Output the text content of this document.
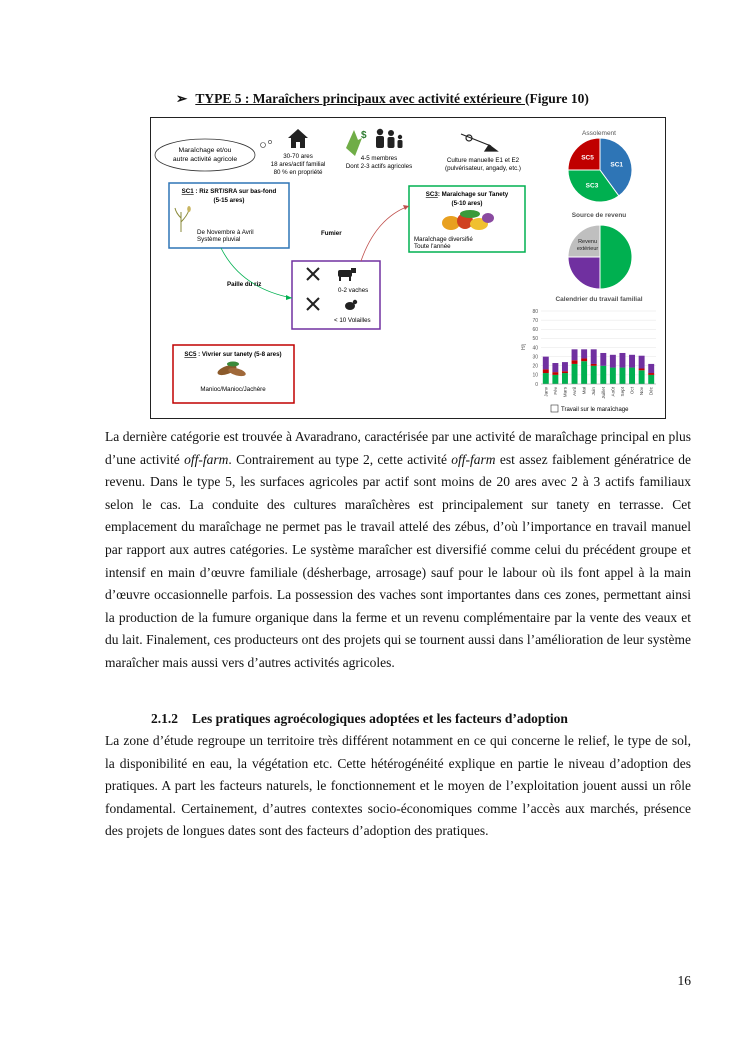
➢ TYPE 5 : Maraîchers principaux avec activité extérieure (Figure 10)
Maraîchage et/ou
autre activité agricole	30-70 ares
18 ares/actif familial
80 % en propriété
$
4-5 membres
Dont 2-3 actifs agricoles
Culture manuelle E1 et E2
(pulvérisateur, angady, etc.)
SC1 : Riz SRT/SRA sur bas-fond
(5-15 ares)
De Novembre à Avril
Système pluvial
SC3: Maraîchage sur Tanety
(5-10 ares)
Maraîchage diversifié
Toute l'année
0-2 vaches
< 10 Volailles
Fumier
Paille du riz
SC5 : Vivrier sur tanety (5-8 ares)
Manioc/Manioc/Jachère
Assolement
SC1
SC3
SC5
Source de revenu
Revenu
extérieur
Calendrier du travail familial
H/j
0
10
20
30
40
50
60
70
80
Janv Fév Mars Avril Mai Juin Juillet Août Sept Oct Nov Déc
Travail sur le maraîchage

La dernière catégorie est trouvée à Avaradrano, caractérisée par une activité de maraîchage principal en plus d’une activité off-farm. Contrairement au type 2, cette activité off-farm est assez faiblement génératrice de revenu. Dans le type 5, les surfaces agricoles par actif sont moins de 20 ares avec 2 à 3 actifs familiaux selon le cas. La conduite des cultures maraîchères est principalement sur tanety en terrasse. Cet emplacement du maraîchage ne permet pas le travail attelé des zébus, d’où l’importance en travail manuel par rapport aux autres catégories. Le système maraîcher est diversifié comme celui du précédent groupe et intensif en main d’œuvre familiale (désherbage, arrosage) sauf pour le labour où ils font appel à la main d’œuvre occasionnelle parfois. La possession des vaches sont importantes dans ces zones, permettant ainsi la production de la fumure organique dans la ferme et un revenu complémentaire par la vente des veaux et du lait. Finalement, ces producteurs ont des projets qui se tournent aussi dans l’amélioration de leur système maraîcher mais aussi vers d’autres activités agricoles.

2.1.2 Les pratiques agroécologiques adoptées et les facteurs d’adoption

La zone d’étude regroupe un territoire très différent notamment en ce qui concerne le relief, le type de sol, la disponibilité en eau, la végétation etc. Cette hétérogénéité explique en partie le niveau d’adoption des pratiques. A part les facteurs naturels, le fonctionnement et le moyen de l’exploitation jouent aussi un rôle fondamental. Certainement, d’autres contextes socio-économiques comme l’accès aux marchés, présence des projets de longues dates sont des facteurs d’adoption des pratiques.

16
